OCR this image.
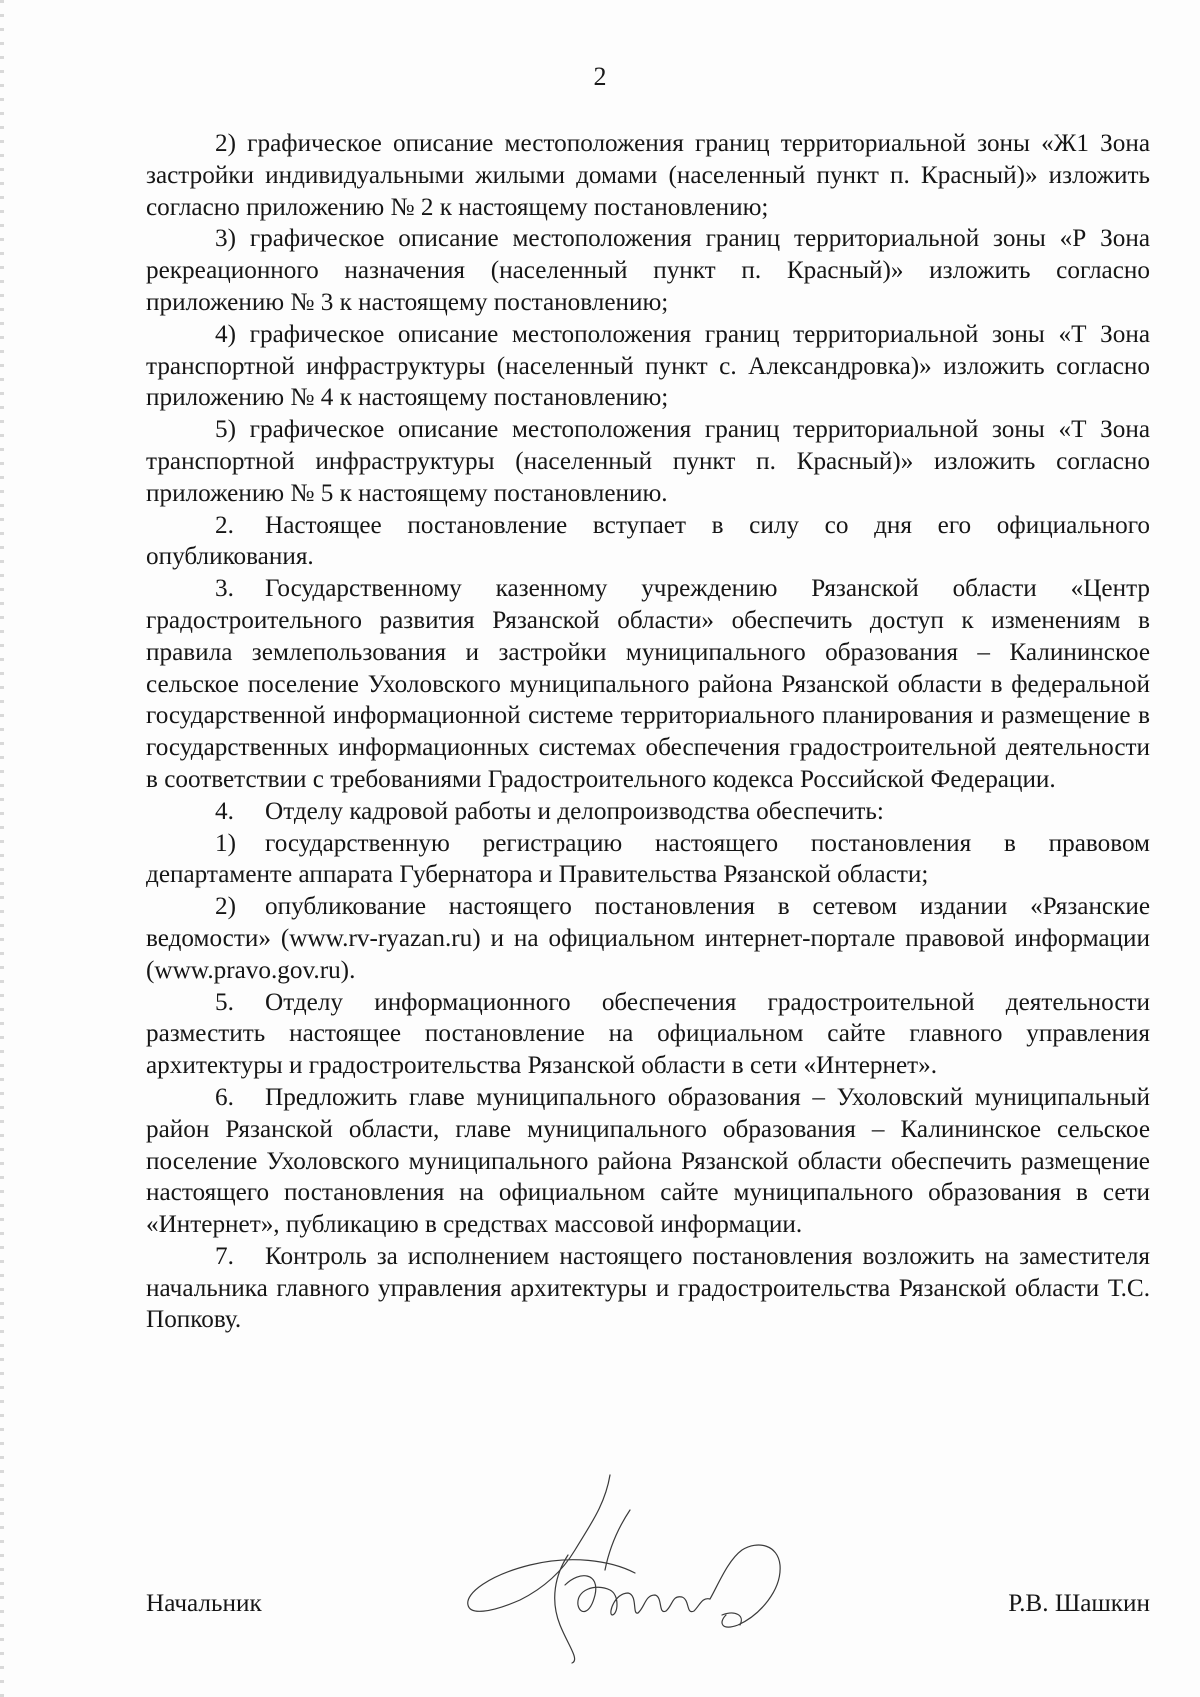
2

2) графическое описание местоположения границ территориальной зоны «Ж1 Зона застройки индивидуальными жилыми домами (населенный пункт п. Красный)» изложить согласно приложению № 2 к настоящему постановлению;

3) графическое описание местоположения границ территориальной зоны «Р Зона рекреационного назначения (населенный пункт п. Красный)» изложить согласно приложению № 3 к настоящему постановлению;

4) графическое описание местоположения границ территориальной зоны «Т Зона транспортной инфраструктуры (населенный пункт с. Александровка)» изложить согласно приложению № 4 к настоящему постановлению;

5) графическое описание местоположения границ территориальной зоны «Т Зона транспортной инфраструктуры (населенный пункт п. Красный)» изложить согласно приложению № 5 к настоящему постановлению.

2. Настоящее постановление вступает в силу со дня его официального опубликования.

3. Государственному казенному учреждению Рязанской области «Центр градостроительного развития Рязанской области» обеспечить доступ к изменениям в правила землепользования и застройки муниципального образования – Калининское сельское поселение Ухоловского муниципального района Рязанской области в федеральной государственной информационной системе территориального планирования и размещение в государственных информационных системах обеспечения градостроительной деятельности в соответствии с требованиями Градостроительного кодекса Российской Федерации.

4. Отделу кадровой работы и делопроизводства обеспечить:

1) государственную регистрацию настоящего постановления в правовом департаменте аппарата Губернатора и Правительства Рязанской области;

2) опубликование настоящего постановления в сетевом издании «Рязанские ведомости» (www.rv-ryazan.ru) и на официальном интернет-портале правовой информации (www.pravo.gov.ru).

5. Отделу информационного обеспечения градостроительной деятельности разместить настоящее постановление на официальном сайте главного управления архитектуры и градостроительства Рязанской области в сети «Интернет».

6. Предложить главе муниципального образования – Ухоловский муниципальный район Рязанской области, главе муниципального образования – Калининское сельское поселение Ухоловского муниципального района Рязанской области обеспечить размещение настоящего постановления на официальном сайте муниципального образования в сети «Интернет», публикацию в средствах массовой информации.

7. Контроль за исполнением настоящего постановления возложить на заместителя начальника главного управления архитектуры и градостроительства Рязанской области Т.С. Попкову.

Начальник	Р.В. Шашкин
